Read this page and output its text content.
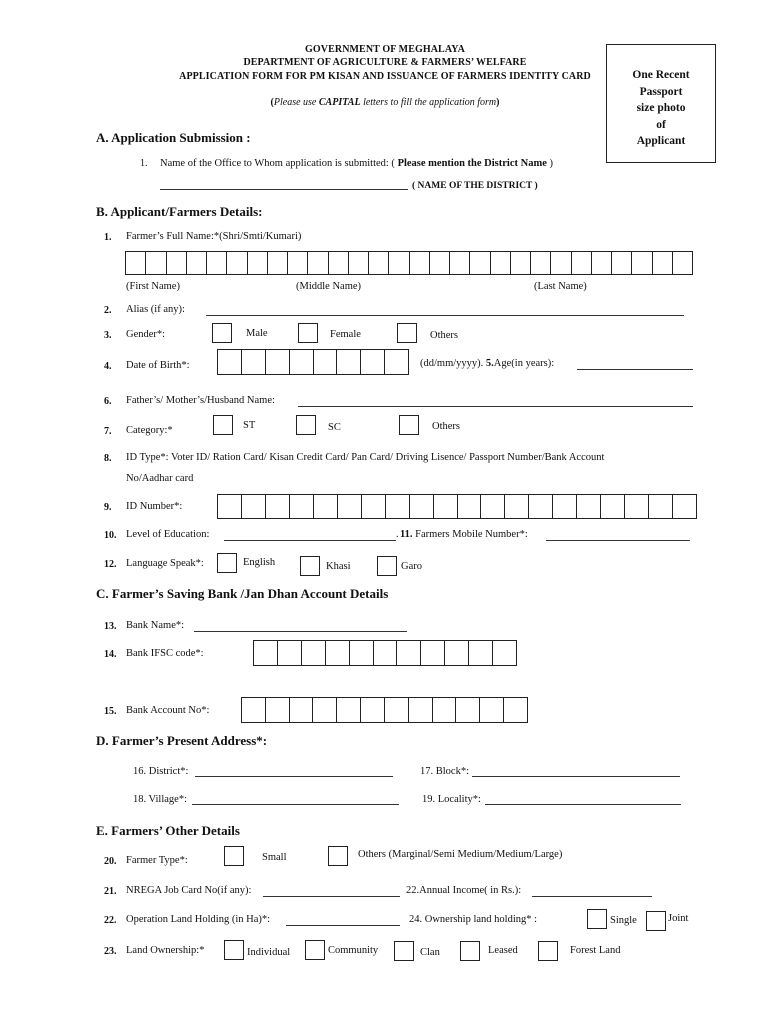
GOVERNMENT OF MEGHALAYA
DEPARTMENT OF AGRICULTURE & FARMERS’ WELFARE
APPLICATION FORM FOR PM KISAN AND ISSUANCE OF FARMERS IDENTITY CARD
(Please use CAPITAL letters to fill the application form)
One Recent
Passport
size photo
of
Applicant
A. Application Submission :
1. Name of the Office to Whom application is submitted: ( Please mention the District Name )
( NAME OF THE DISTRICT )
B. Applicant/Farmers Details:
1. Farmer’s Full Name:*(Shri/Smti/Kumari)
(First Name)	(Middle Name)	(Last Name)
2. Alias (if any):
3. Gender*:	Male	Female	Others
4. Date of Birth*:	(dd/mm/yyyy). 5.Age(in years):
6. Father’s/ Mother’s/Husband Name:
7. Category:*	ST	SC	Others
8. ID Type*: Voter ID/ Ration Card/ Kisan Credit Card/ Pan Card/ Driving Lisence/ Passport Number/Bank Account
No/Aadhar card
9. ID Number*:
10. Level of Education:	. 11. Farmers Mobile Number*:
12. Language Speak*:	English	Khasi	Garo
C. Farmer’s Saving Bank /Jan Dhan Account Details
13. Bank Name*:
14. Bank IFSC code*:
15. Bank Account No*:
D. Farmer’s Present Address*:
16. District*:	17. Block*:
18. Village*:	19. Locality*:
E. Farmers’ Other Details
20. Farmer Type*:	Small	Others (Marginal/Semi Medium/Medium/Large)
21. NREGA Job Card No(if any):	22.Annual Income( in Rs.):
22. Operation Land Holding (in Ha)*:	24. Ownership land holding* :	Single	Joint
23. Land Ownership:*	Individual	Community	Clan	Leased	Forest Land
